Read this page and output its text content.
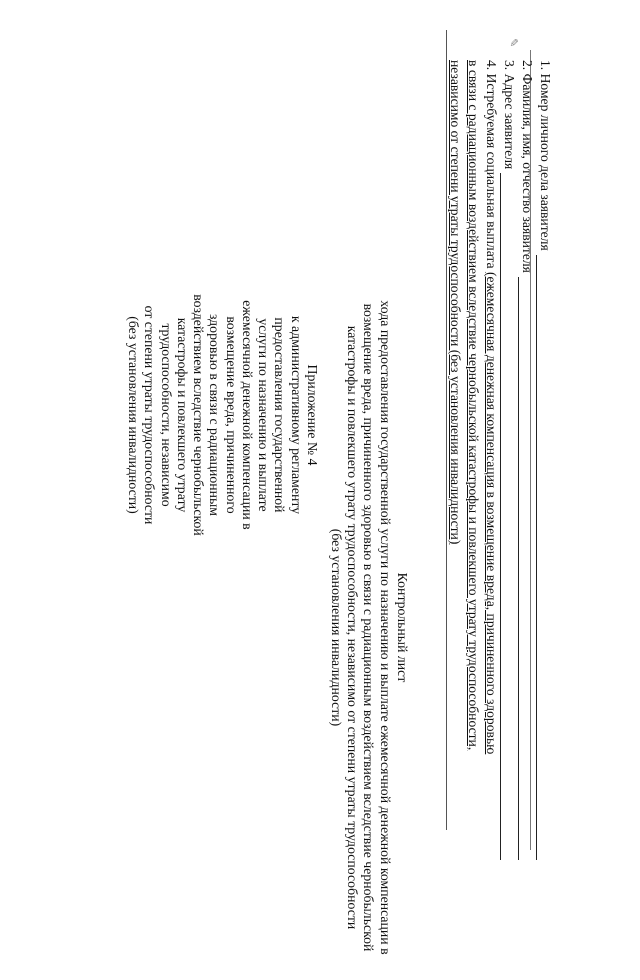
✎
Приложение № 4
к административному регламенту
предоставления государственной
услуги по назначению и выплате
ежемесячной денежной компенсации в
возмещение вреда, причиненного
здоровью в связи с радиационным
воздействием вследствие чернобыльской
катастрофы и повлекшего утрату
трудоспособности, независимо
от степени утраты трудоспособности
(без установления инвалидности)
Контрольный лист
хода предоставления государственной услуги по назначению и выплате ежемесячной денежной компенсации в
возмещение вреда, причиненного здоровью в связи с радиационным воздействием вследствие чернобыльской
катастрофы и повлекшего утрату трудоспособности, независимо от степени утраты трудоспособности
(без установления инвалидности)
1. Номер личного дела заявителя
2. Фамилия, имя, отчество заявителя
3. Адрес заявителя
4. Истребуемая социальная выплата (ежемесячная денежная компенсация в возмещение вреда, причиненного здоровью
в связи с радиационным воздействием вследствие чернобыльской катастрофы и повлекшего утрату трудоспособности,
независимо от степени утраты трудоспособности (без установления инвалидности)
